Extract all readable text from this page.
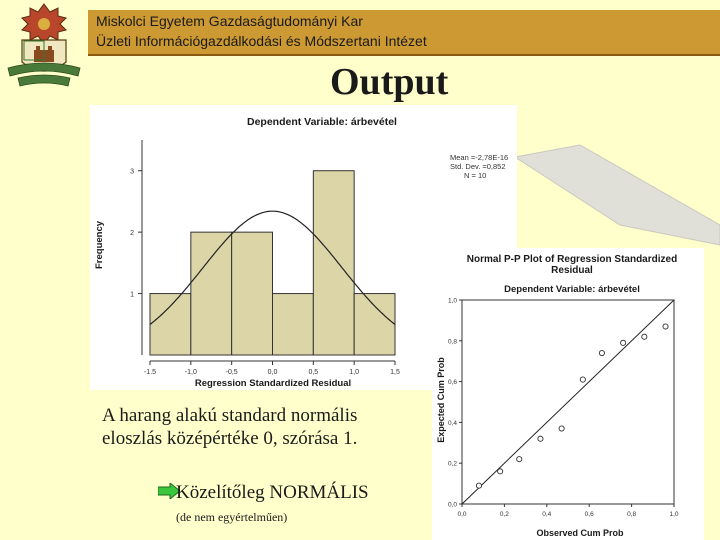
Miskolci Egyetem Gazdaságtudományi Kar
Üzleti Információgazdálkodási és Módszertani Intézet
Output
Dependent Variable: árbevétel
Mean =-2,78E-16
Std. Dev. =0,852
N = 10
Frequency
Regression Standardized Residual
1
2
3
-1.5	-1,0	-0,5	0,0	0,5	1,0	1,5
Normal P-P Plot of Regression Standardized
Residual
Dependent Variable: árbevétel
Expected Cum Prob
Observed Cum Prob
0,0
0,2
0,4
0,6
0,8
1,0
0,0	0,2	0,4	0,6	0,8	1,0
A harang alakú standard normális eloszlás középértéke 0, szórása 1.
Közelítőleg NORMÁLIS
(de nem egyértelműen)
